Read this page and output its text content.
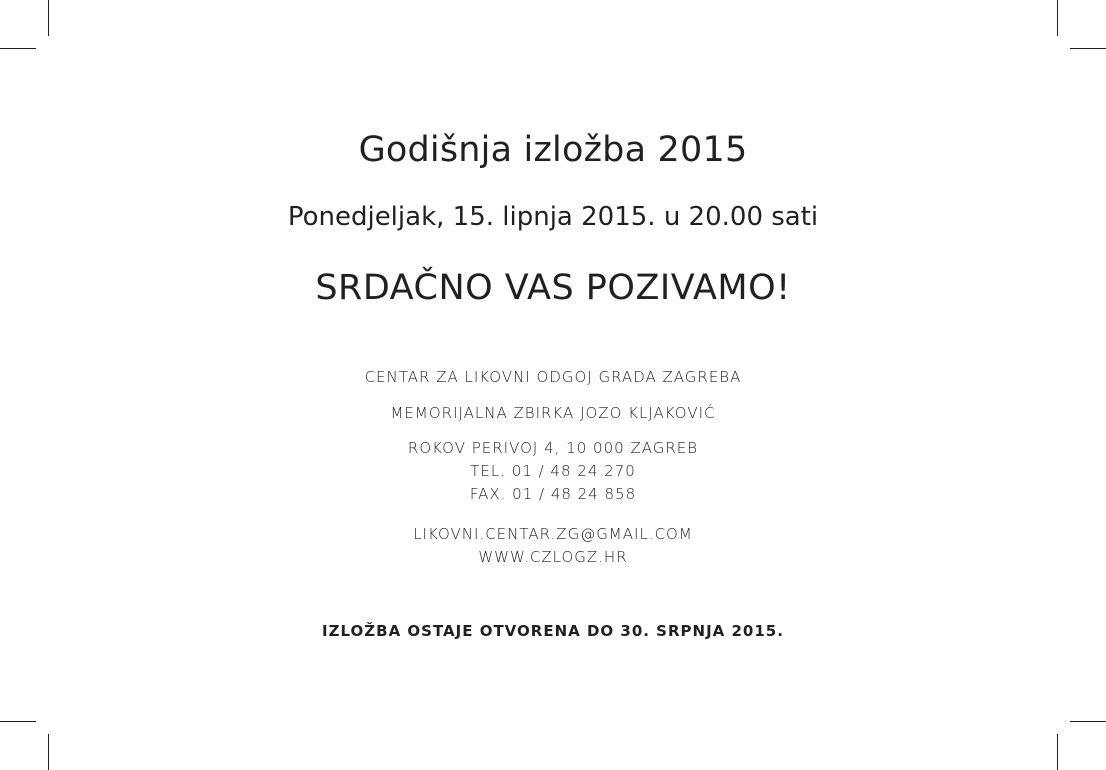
Godišnja izložba 2015
Ponedjeljak, 15. lipnja 2015. u 20.00 sati
SRDAČNO VAS POZIVAMO!
CENTAR ZA LIKOVNI ODGOJ GRADA ZAGREBA
MEMORIJALNA ZBIRKA JOZO KLJAKOVIĆ
ROKOV PERIVOJ 4, 10 000 ZAGREB
TEL. 01 / 48 24 270
FAX. 01 / 48 24 858
LIKOVNI.CENTAR.ZG@GMAIL.COM
WWW.CZLOGZ.HR
IZLOŽBA OSTAJE OTVORENA DO 30. SRPNJA 2015.
